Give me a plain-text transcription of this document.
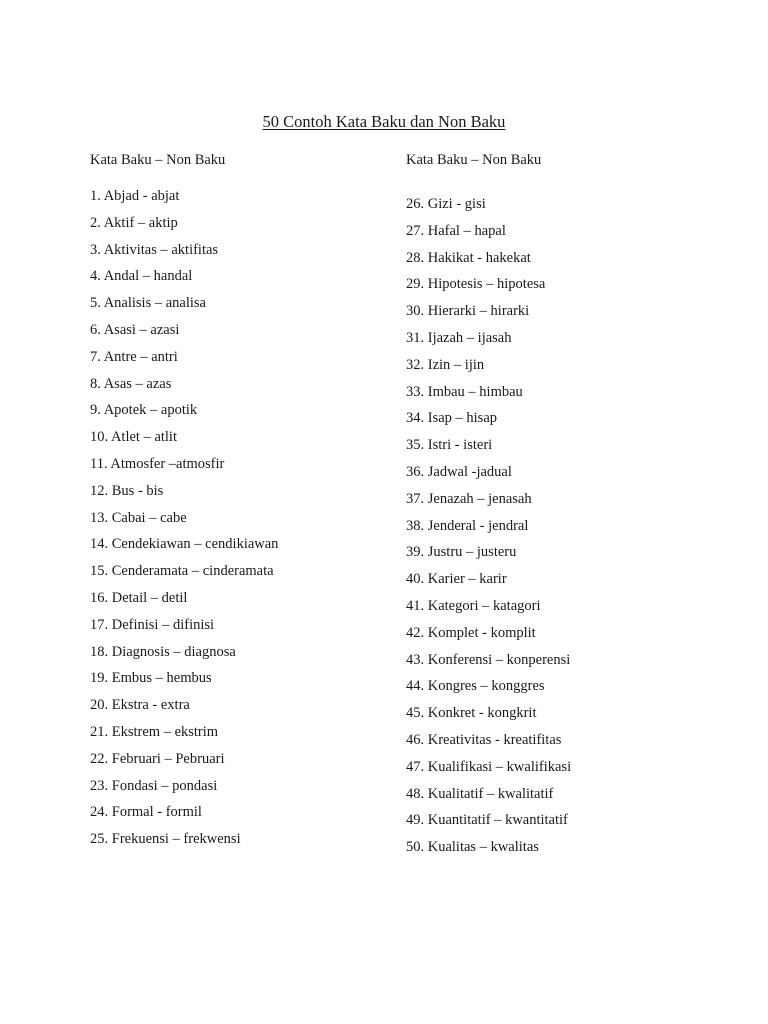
50 Contoh Kata Baku dan Non Baku
Kata Baku – Non Baku
1. Abjad - abjat
2. Aktif – aktip
3. Aktivitas – aktifitas
4. Andal – handal
5. Analisis – analisa
6. Asasi – azasi
7. Antre – antri
8. Asas – azas
9. Apotek – apotik
10. Atlet – atlit
11. Atmosfer –atmosfir
12. Bus - bis
13. Cabai – cabe
14. Cendekiawan – cendikiawan
15. Cenderamata – cinderamata
16. Detail – detil
17. Definisi – difinisi
18. Diagnosis – diagnosa
19. Embus – hembus
20. Ekstra - extra
21. Ekstrem – ekstrim
22. Februari – Pebruari
23. Fondasi – pondasi
24. Formal - formil
25. Frekuensi – frekwensi
Kata Baku – Non Baku
26. Gizi - gisi
27. Hafal – hapal
28. Hakikat - hakekat
29. Hipotesis – hipotesa
30. Hierarki – hirarki
31. Ijazah – ijasah
32. Izin – ijin
33. Imbau – himbau
34. Isap – hisap
35. Istri - isteri
36. Jadwal -jadual
37. Jenazah – jenasah
38. Jenderal - jendral
39. Justru – justeru
40. Karier – karir
41. Kategori – katagori
42. Komplet - komplit
43. Konferensi – konperensi
44. Kongres – konggres
45. Konkret - kongkrit
46. Kreativitas - kreatifitas
47. Kualifikasi – kwalifikasi
48. Kualitatif – kwalitatif
49. Kuantitatif – kwantitatif
50. Kualitas – kwalitas
